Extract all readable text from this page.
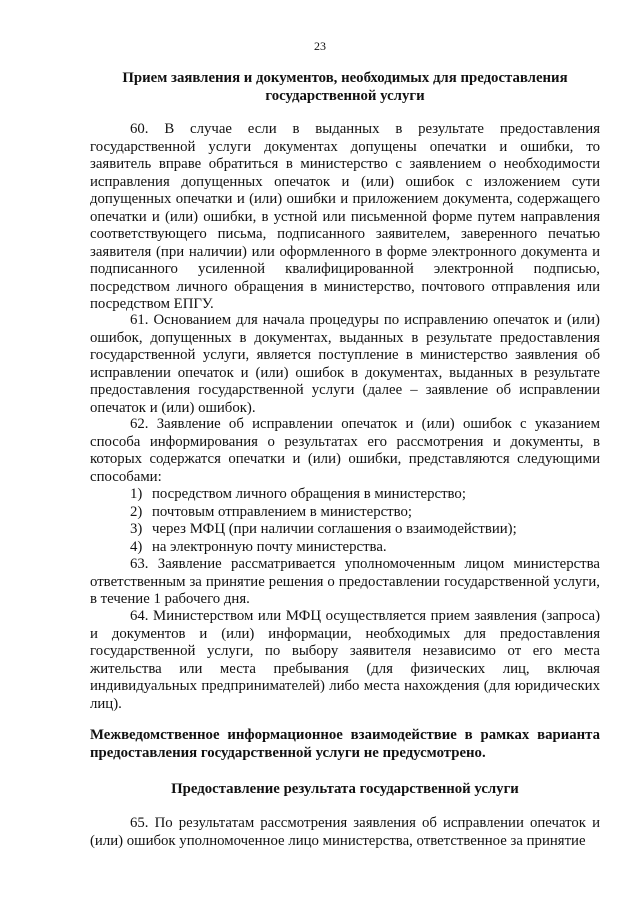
23
Прием заявления и документов, необходимых для предоставления государственной услуги
60. В случае если в выданных в результате предоставления государственной услуги документах допущены опечатки и ошибки, то заявитель вправе обратиться в министерство с заявлением о необходимости исправления допущенных опечаток и (или) ошибок с изложением сути допущенных опечатки и (или) ошибки и приложением документа, содержащего опечатки и (или) ошибки, в устной или письменной форме путем направления соответствующего письма, подписанного заявителем, заверенного печатью заявителя (при наличии) или оформленного в форме электронного документа и подписанного усиленной квалифицированной электронной подписью, посредством личного обращения в министерство, почтового отправления или посредством ЕПГУ.
61. Основанием для начала процедуры по исправлению опечаток и (или) ошибок, допущенных в документах, выданных в результате предоставления государственной услуги, является поступление в министерство заявления об исправлении опечаток и (или) ошибок в документах, выданных в результате предоставления государственной услуги (далее – заявление об исправлении опечаток и (или) ошибок).
62. Заявление об исправлении опечаток и (или) ошибок с указанием способа информирования о результатах его рассмотрения и документы, в которых содержатся опечатки и (или) ошибки, представляются следующими способами:
1) посредством личного обращения в министерство;
2) почтовым отправлением в министерство;
3) через МФЦ (при наличии соглашения о взаимодействии);
4) на электронную почту министерства.
63. Заявление рассматривается уполномоченным лицом министерства ответственным за принятие решения о предоставлении государственной услуги, в течение 1 рабочего дня.
64. Министерством или МФЦ осуществляется прием заявления (запроса) и документов и (или) информации, необходимых для предоставления государственной услуги, по выбору заявителя независимо от его места жительства или места пребывания (для физических лиц, включая индивидуальных предпринимателей) либо места нахождения (для юридических лиц).
Межведомственное информационное взаимодействие в рамках варианта предоставления государственной услуги не предусмотрено.
Предоставление результата государственной услуги
65. По результатам рассмотрения заявления об исправлении опечаток и (или) ошибок уполномоченное лицо министерства, ответственное за принятие
